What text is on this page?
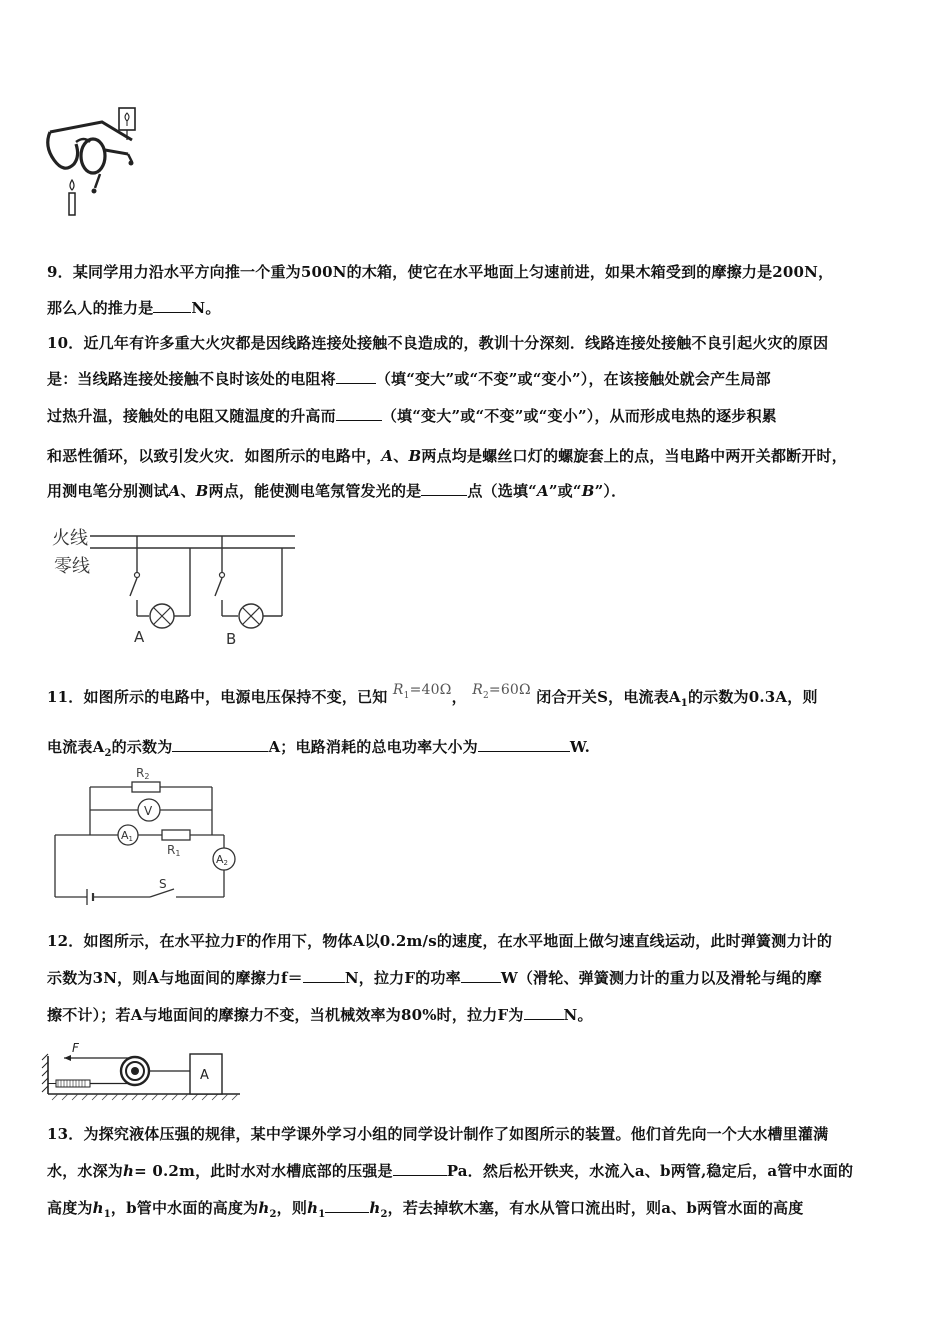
9．某同学用力沿水平方向推一个重为500N的木箱，使它在水平地面上匀速前进，如果木箱受到的摩擦力是200N，
那么人的推力是	N。
10．近几年有许多重大火灾都是因线路连接处接触不良造成的，教训十分深刻．线路连接处接触不良引起火灾的原因
是：当线路连接处接触不良时该处的电阻将	（填“变大”或“不变”或“变小”），在该接触处就会产生局部
过热升温，接触处的电阻又随温度的升高而	（填“变大”或“不变”或“变小”），从而形成电热的逐步积累
和恶性循环，以致引发火灾．如图所示的电路中，A、B两点均是螺丝口灯的螺旋套上的点，当电路中两开关都断开时，
用测电笔分别测试A、B两点，能使测电笔氖管发光的是	点（选填“A”或“B”）．
火线
零线
A	B
11．如图所示的电路中，电源电压保持不变，已知 $R_1=40\Omega$， $R_2=60\Omega$ 闭合开关S，电流表$A_1$的示数为0.3A，则
电流表$A_2$的示数为	A；电路消耗的总电功率大小为	W.
R2
V
A1
R1	A2
S
12．如图所示，在水平拉力F的作用下，物体A以0.2m/s的速度，在水平地面上做匀速直线运动，此时弹簧测力计的
示数为3N，则A与地面间的摩擦力f＝	N，拉力F的功率	W（滑轮、弹簧测力计的重力以及滑轮与绳的摩
擦不计）；若A与地面间的摩擦力不变，当机械效率为80%时，拉力F为	N。
F
A
13．为探究液体压强的规律，某中学课外学习小组的同学设计制作了如图所示的装置。他们首先向一个大水槽里灌满
水，水深为h= 0.2m，此时水对水槽底部的压强是	Pa．然后松开铁夹，水流入a、b两管,稳定后，a管中水面的
高度为$h_1$，b管中水面的高度为$h_2$，则$h_1$	$h_2$，若去掉软木塞，有水从管口流出时，则a、b两管水面的高度
